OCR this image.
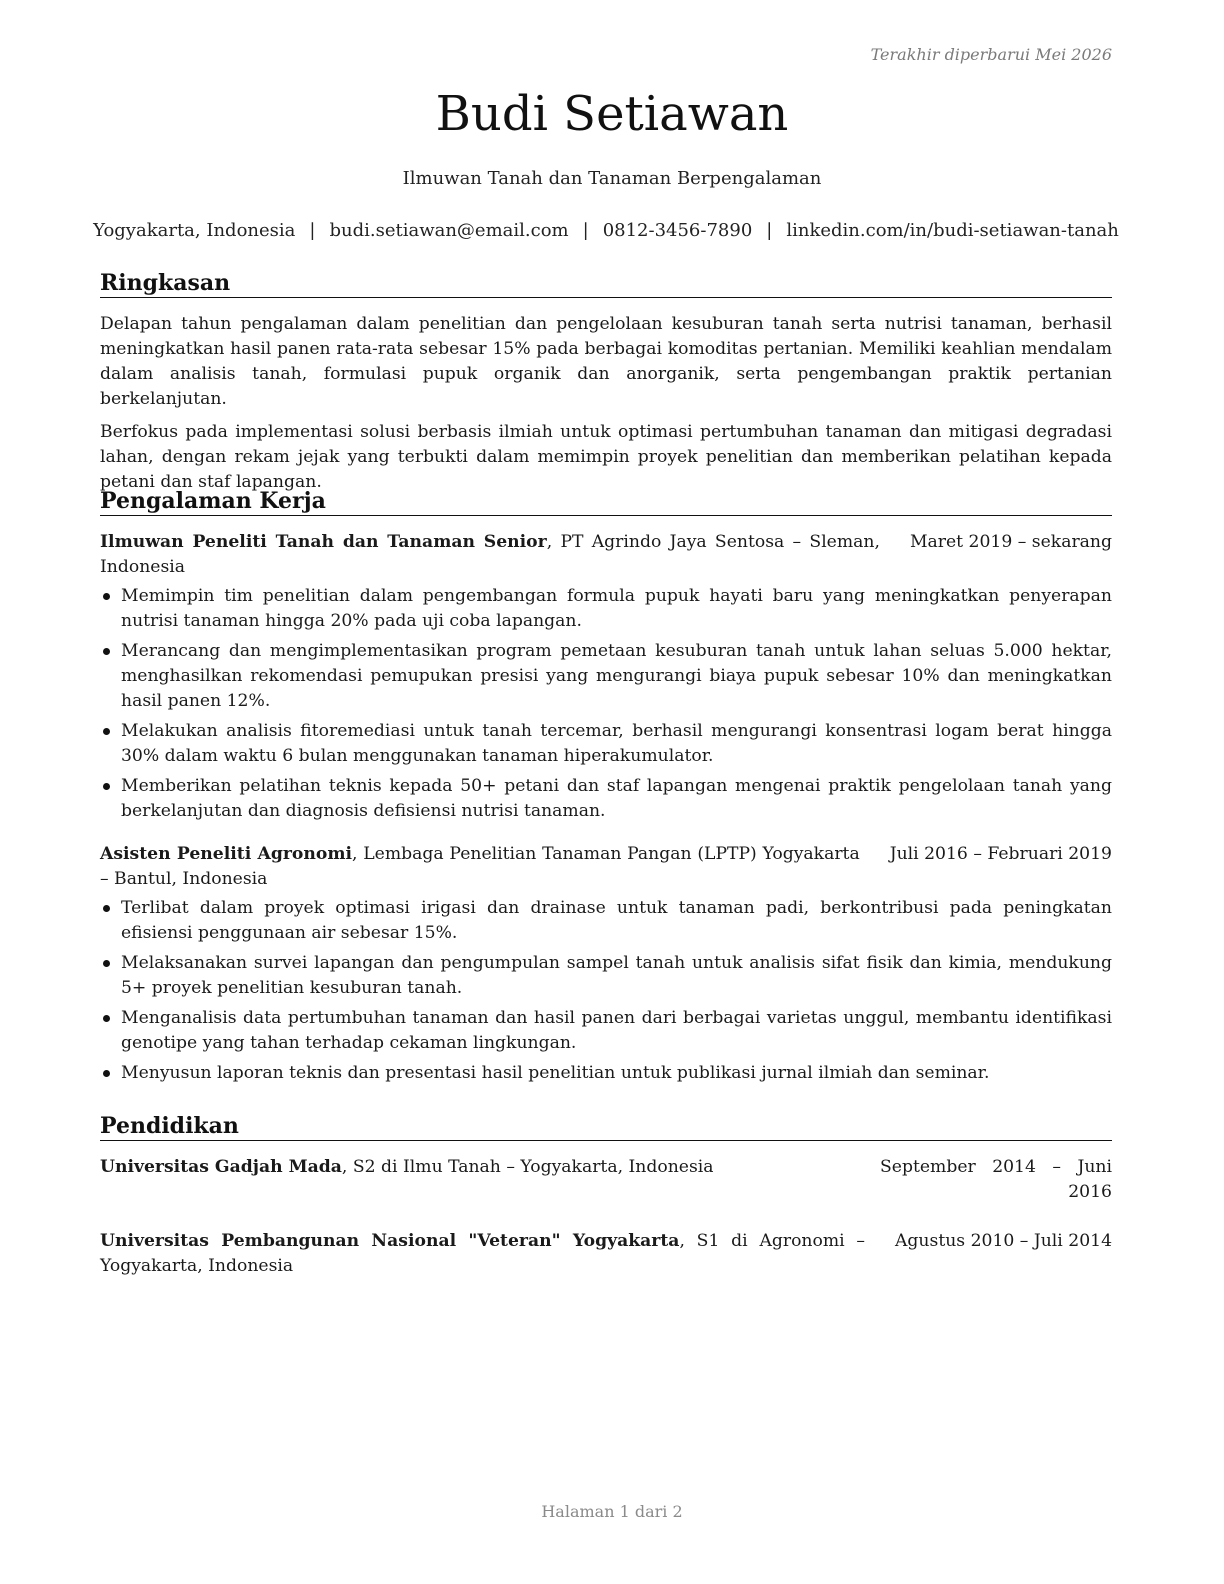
Terakhir diperbarui Mei 2026
Budi Setiawan
Ilmuwan Tanah dan Tanaman Berpengalaman
Yogyakarta, Indonesia | budi.setiawan@email.com | 0812-3456-7890 | linkedin.com/in/budi-setiawan-tanah
Ringkasan

Delapan tahun pengalaman dalam penelitian dan pengelolaan kesuburan tanah serta nutrisi tanaman, berhasil meningkatkan hasil panen rata-rata sebesar 15% pada berbagai komoditas pertanian. Memiliki keahlian mendalam dalam analisis tanah, formulasi pupuk organik dan anorganik, serta pengembangan praktik pertanian berkelanjutan.

Berfokus pada implementasi solusi berbasis ilmiah untuk optimasi pertumbuhan tanaman dan mitigasi degradasi lahan, dengan rekam jejak yang terbukti dalam memimpin proyek penelitian dan memberikan pelatihan kepada petani dan staf lapangan.

Pengalaman Kerja
Ilmuwan Peneliti Tanah dan Tanaman Senior, PT Agrindo Jaya Sentosa – Sleman, Indonesia
Maret 2019 – sekarang
Memimpin tim penelitian dalam pengembangan formula pupuk hayati baru yang meningkatkan penyerapan nutrisi tanaman hingga 20% pada uji coba lapangan.
Merancang dan mengimplementasikan program pemetaan kesuburan tanah untuk lahan seluas 5.000 hektar, menghasilkan rekomendasi pemupukan presisi yang mengurangi biaya pupuk sebesar 10% dan meningkatkan hasil panen 12%.
Melakukan analisis fitoremediasi untuk tanah tercemar, berhasil mengurangi konsentrasi logam berat hingga 30% dalam waktu 6 bulan menggunakan tanaman hiperakumulator.
Memberikan pelatihan teknis kepada 50+ petani dan staf lapangan mengenai praktik pengelolaan tanah yang berkelanjutan dan diagnosis defisiensi nutrisi tanaman.
Asisten Peneliti Agronomi, Lembaga Penelitian Tanaman Pangan (LPTP) Yogyakarta – Bantul, Indonesia
Juli 2016 – Februari 2019
Terlibat dalam proyek optimasi irigasi dan drainase untuk tanaman padi, berkontribusi pada peningkatan efisiensi penggunaan air sebesar 15%.
Melaksanakan survei lapangan dan pengumpulan sampel tanah untuk analisis sifat fisik dan kimia, mendukung 5+ proyek penelitian kesuburan tanah.
Menganalisis data pertumbuhan tanaman dan hasil panen dari berbagai varietas unggul, membantu identifikasi genotipe yang tahan terhadap cekaman lingkungan.
Menyusun laporan teknis dan presentasi hasil penelitian untuk publikasi jurnal ilmiah dan seminar.
Pendidikan
Universitas Gadjah Mada, S2 di Ilmu Tanah – Yogyakarta, Indonesia	September 2014 – Juni 2016
Universitas Pembangunan Nasional "Veteran" Yogyakarta, S1 di Agronomi – Yogyakarta, Indonesia
Agustus 2010 – Juli 2014
Halaman 1 dari 2
